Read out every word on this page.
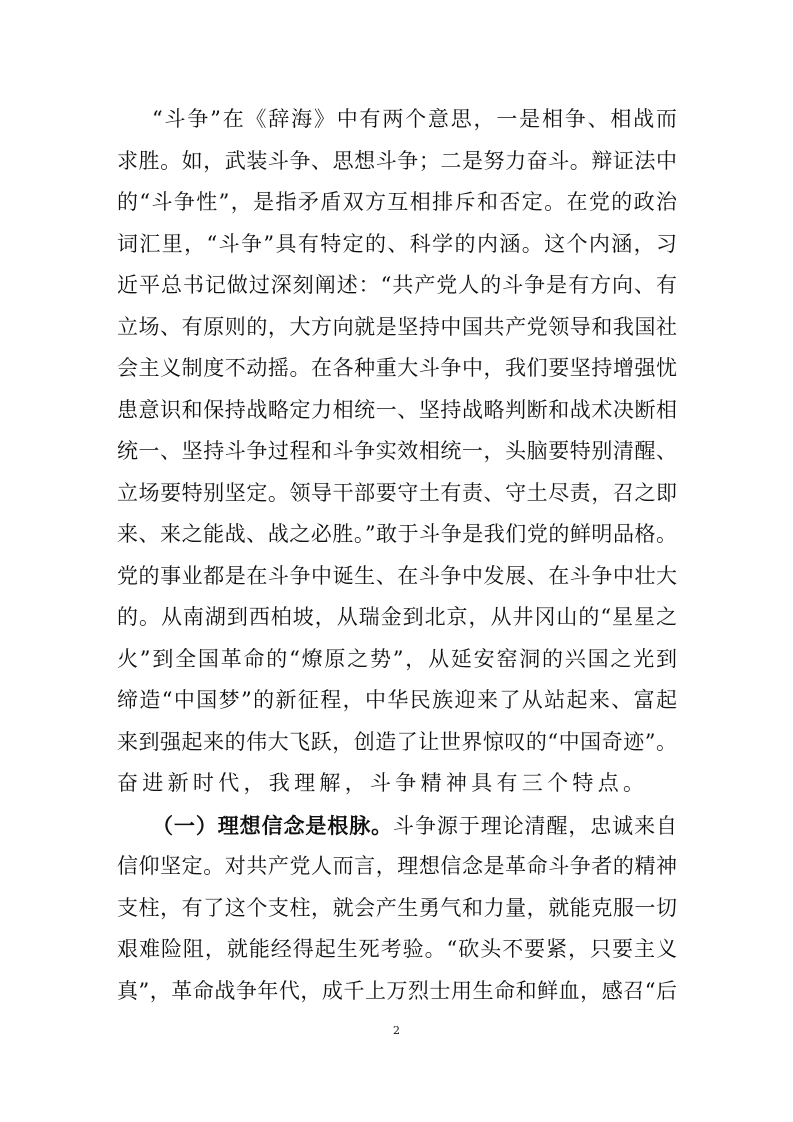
“斗争”在《辞海》中有两个意思，一是相争、相战而
求胜。如，武装斗争、思想斗争；二是努力奋斗。辩证法中
的“斗争性”，是指矛盾双方互相排斥和否定。在党的政治
词汇里，“斗争”具有特定的、科学的内涵。这个内涵，习
近平总书记做过深刻阐述：“共产党人的斗争是有方向、有
立场、有原则的，大方向就是坚持中国共产党领导和我国社
会主义制度不动摇。在各种重大斗争中，我们要坚持增强忧
患意识和保持战略定力相统一、坚持战略判断和战术决断相
统一、坚持斗争过程和斗争实效相统一，头脑要特别清醒、
立场要特别坚定。领导干部要守土有责、守土尽责，召之即
来、来之能战、战之必胜。”敢于斗争是我们党的鲜明品格。
党的事业都是在斗争中诞生、在斗争中发展、在斗争中壮大
的。从南湖到西柏坡，从瑞金到北京，从井冈山的“星星之
火”到全国革命的“燎原之势”，从延安窑洞的兴国之光到
缔造“中国梦”的新征程，中华民族迎来了从站起来、富起
来到强起来的伟大飞跃，创造了让世界惊叹的“中国奇迹”。
奋进新时代，我理解，斗争精神具有三个特点。
（一）理想信念是根脉。斗争源于理论清醒，忠诚来自
信仰坚定。对共产党人而言，理想信念是革命斗争者的精神
支柱，有了这个支柱，就会产生勇气和力量，就能克服一切
艰难险阻，就能经得起生死考验。“砍头不要紧，只要主义
真”，革命战争年代，成千上万烈士用生命和鲜血，感召“后
2
